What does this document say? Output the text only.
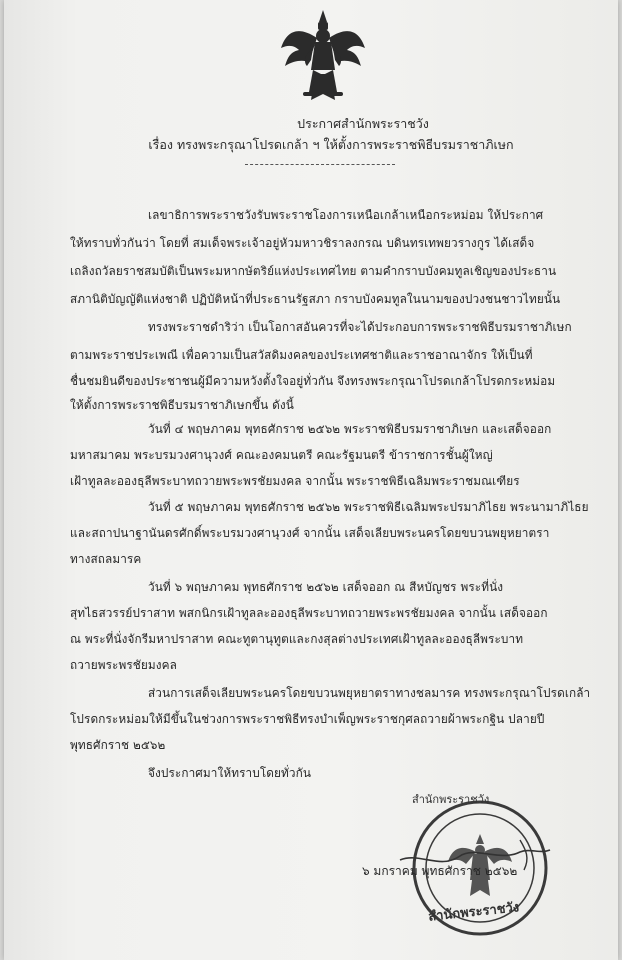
ประกาศสำนักพระราชวัง
เรื่อง ทรงพระกรุณาโปรดเกล้า ฯ ให้ตั้งการพระราชพิธีบรมราชาภิเษก
เลขาธิการพระราชวังรับพระราชโองการเหนือเกล้าเหนือกระหม่อม ให้ประกาศ
ให้ทราบทั่วกันว่า โดยที่ สมเด็จพระเจ้าอยู่หัวมหาวชิราลงกรณ บดินทรเทพยวรางกูร ได้เสด็จ
เถลิงถวัลยราชสมบัติเป็นพระมหากษัตริย์แห่งประเทศไทย ตามคำกราบบังคมทูลเชิญของประธาน
สภานิติบัญญัติแห่งชาติ ปฏิบัติหน้าที่ประธานรัฐสภา กราบบังคมทูลในนามของปวงชนชาวไทยนั้น
ทรงพระราชดำริว่า เป็นโอกาสอันควรที่จะได้ประกอบการพระราชพิธีบรมราชาภิเษก
ตามพระราชประเพณี เพื่อความเป็นสวัสดิมงคลของประเทศชาติและราชอาณาจักร ให้เป็นที่
ชื่นชมยินดีของประชาชนผู้มีความหวังตั้งใจอยู่ทั่วกัน จึงทรงพระกรุณาโปรดเกล้าโปรดกระหม่อม
ให้ตั้งการพระราชพิธีบรมราชาภิเษกขึ้น ดังนี้
วันที่ ๔ พฤษภาคม พุทธศักราช ๒๕๖๒ พระราชพิธีบรมราชาภิเษก และเสด็จออก
มหาสมาคม พระบรมวงศานุวงศ์ คณะองคมนตรี คณะรัฐมนตรี ข้าราชการชั้นผู้ใหญ่
เฝ้าทูลละอองธุลีพระบาทถวายพระพรชัยมงคล จากนั้น พระราชพิธีเฉลิมพระราชมณเฑียร
วันที่ ๕ พฤษภาคม พุทธศักราช ๒๕๖๒ พระราชพิธีเฉลิมพระปรมาภิไธย พระนามาภิไธย
และสถาปนาฐานันดรศักดิ์พระบรมวงศานุวงศ์ จากนั้น เสด็จเลียบพระนครโดยขบวนพยุหยาตรา
ทางสถลมารค
วันที่ ๖ พฤษภาคม พุทธศักราช ๒๕๖๒ เสด็จออก ณ สีหบัญชร พระที่นั่ง
สุทไธสวรรย์ปราสาท พสกนิกรเฝ้าทูลละอองธุลีพระบาทถวายพระพรชัยมงคล จากนั้น เสด็จออก
ณ พระที่นั่งจักรีมหาปราสาท คณะทูตานุทูตและกงสุลต่างประเทศเฝ้าทูลละอองธุลีพระบาท
ถวายพระพรชัยมงคล
ส่วนการเสด็จเลียบพระนครโดยขบวนพยุหยาตราทางชลมารค ทรงพระกรุณาโปรดเกล้า
โปรดกระหม่อมให้มีขึ้นในช่วงการพระราชพิธีทรงบำเพ็ญพระราชกุศลถวายผ้าพระกฐิน ปลายปี
พุทธศักราช ๒๕๖๒
จึงประกาศมาให้ทราบโดยทั่วกัน
สำนักพระราชวัง
๖ มกราคม พุทธศักราช ๒๕๖๒
สำนักพระราชวัง
